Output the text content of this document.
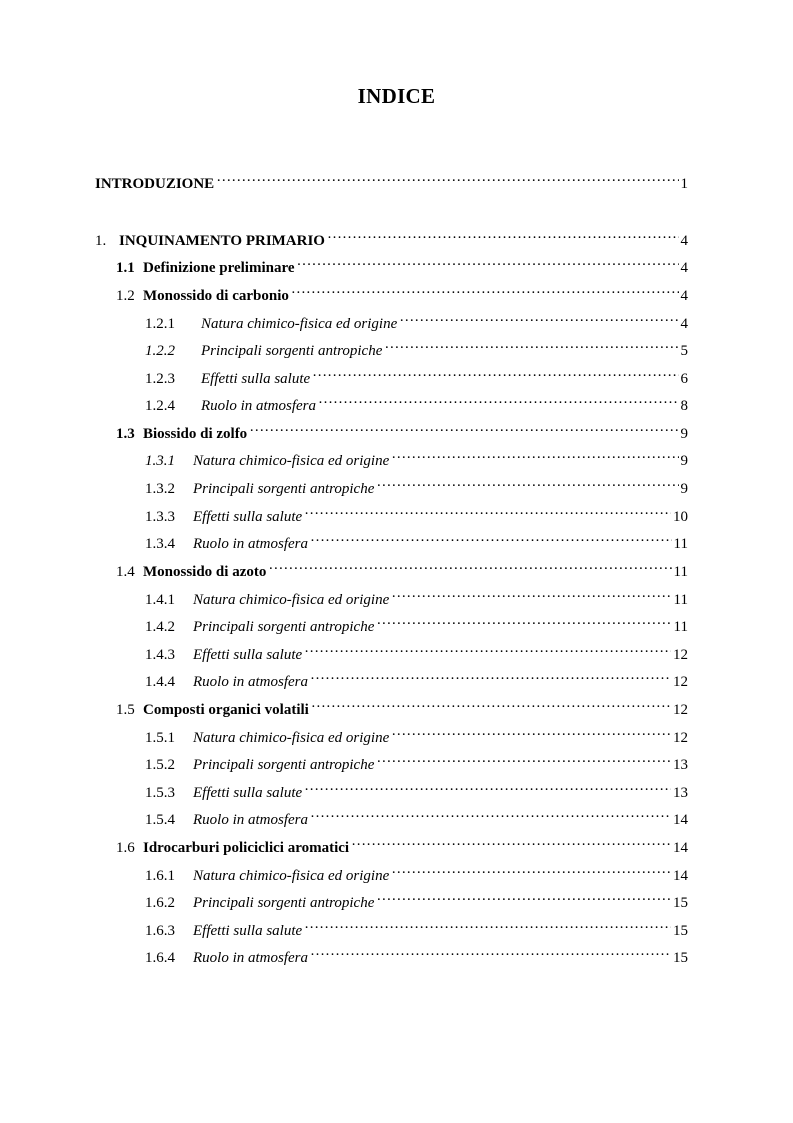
INDICE
INTRODUZIONE ……………………………………………………………………………………………………………………………………………………………………………………………………	1
1. INQUINAMENTO PRIMARIO ……………………………………………………………………………………………………………………………………………………………………………………………………	4
1.1 Definizione preliminare ……………………………………………………………………………………………………………………………………………………………………………………………………	4
1.2 Monossido di carbonio ……………………………………………………………………………………………………………………………………………………………………………………………………	4
1.2.1	Natura chimico-fisica ed origine ……………………………………………………………………………………………………………………………………………………………………………………………………	4
1.2.2	Principali sorgenti antropiche ……………………………………………………………………………………………………………………………………………………………………………………………………	5
1.2.3	Effetti sulla salute ……………………………………………………………………………………………………………………………………………………………………………………………………	6
1.2.4	Ruolo in atmosfera ……………………………………………………………………………………………………………………………………………………………………………………………………	8
1.3 Biossido di zolfo ……………………………………………………………………………………………………………………………………………………………………………………………………	9
1.3.1	Natura chimico-fisica ed origine ……………………………………………………………………………………………………………………………………………………………………………………………………	9
1.3.2	Principali sorgenti antropiche ……………………………………………………………………………………………………………………………………………………………………………………………………	9
1.3.3	Effetti sulla salute ……………………………………………………………………………………………………………………………………………………………………………………………………	10
1.3.4	Ruolo in atmosfera ……………………………………………………………………………………………………………………………………………………………………………………………………	11
1.4 Monossido di azoto ……………………………………………………………………………………………………………………………………………………………………………………………………	11
1.4.1	Natura chimico-fisica ed origine ……………………………………………………………………………………………………………………………………………………………………………………………………	11
1.4.2	Principali sorgenti antropiche ……………………………………………………………………………………………………………………………………………………………………………………………………	11
1.4.3	Effetti sulla salute ……………………………………………………………………………………………………………………………………………………………………………………………………	12
1.4.4	Ruolo in atmosfera ……………………………………………………………………………………………………………………………………………………………………………………………………	12
1.5 Composti organici volatili ……………………………………………………………………………………………………………………………………………………………………………………………………	12
1.5.1	Natura chimico-fisica ed origine ……………………………………………………………………………………………………………………………………………………………………………………………………	12
1.5.2	Principali sorgenti antropiche ……………………………………………………………………………………………………………………………………………………………………………………………………	13
1.5.3	Effetti sulla salute ……………………………………………………………………………………………………………………………………………………………………………………………………	13
1.5.4	Ruolo in atmosfera ……………………………………………………………………………………………………………………………………………………………………………………………………	14
1.6 Idrocarburi policiclici aromatici ……………………………………………………………………………………………………………………………………………………………………………………………………	14
1.6.1	Natura chimico-fisica ed origine ……………………………………………………………………………………………………………………………………………………………………………………………………	14
1.6.2	Principali sorgenti antropiche ……………………………………………………………………………………………………………………………………………………………………………………………………	15
1.6.3	Effetti sulla salute ……………………………………………………………………………………………………………………………………………………………………………………………………	15
1.6.4	Ruolo in atmosfera ……………………………………………………………………………………………………………………………………………………………………………………………………	15
